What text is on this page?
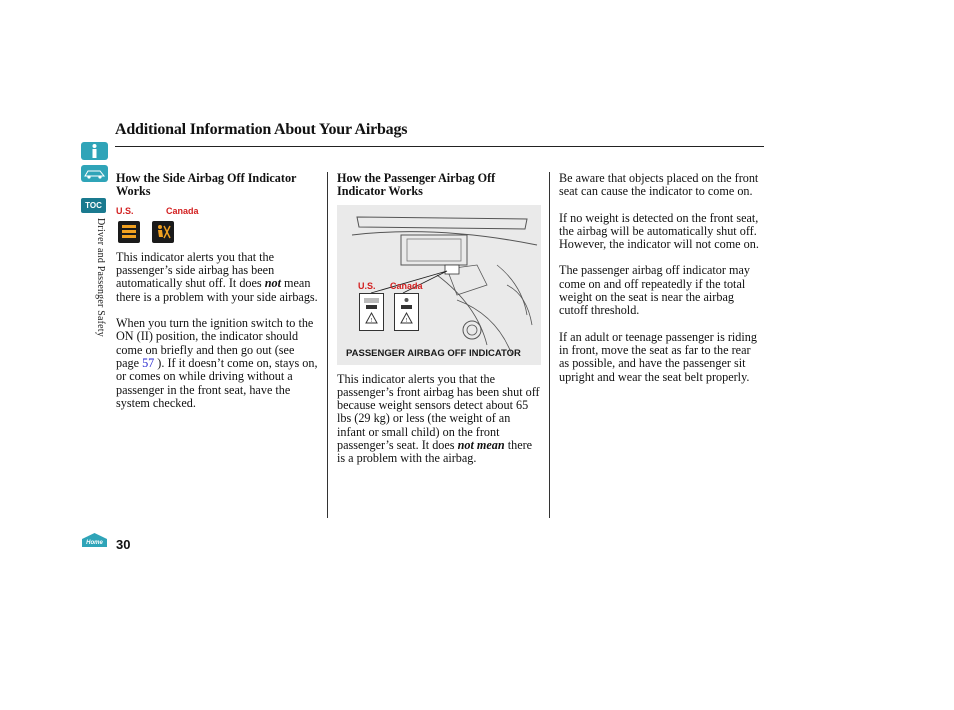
TOC
Driver and Passenger Safety
Home 30
Additional Information About Your Airbags
How the Side Airbag Off Indicator Works
U.S.	Canada

This indicator alerts you that the passenger’s side airbag has been automatically shut off. It does not mean there is a problem with your side airbags.

When you turn the ignition switch to the ON (II) position, the indicator should come on briefly and then go out (see page 57 ). If it doesn’t come on, stays on, or comes on while driving without a passenger in the front seat, have the system checked.

How the Passenger Airbag Off Indicator Works
U.S. Canada
!	!
PASSENGER AIRBAG OFF INDICATOR

This indicator alerts you that the passenger’s front airbag has been shut off because weight sensors detect about 65 lbs (29 kg) or less (the weight of an infant or small child) on the front passenger’s seat. It does not mean there is a problem with the airbag.

Be aware that objects placed on the front seat can cause the indicator to come on.

If no weight is detected on the front seat, the airbag will be automatically shut off. However, the indicator will not come on.

The passenger airbag off indicator may come on and off repeatedly if the total weight on the seat is near the airbag cutoff threshold.

If an adult or teenage passenger is riding in front, move the seat as far to the rear as possible, and have the passenger sit upright and wear the seat belt properly.
